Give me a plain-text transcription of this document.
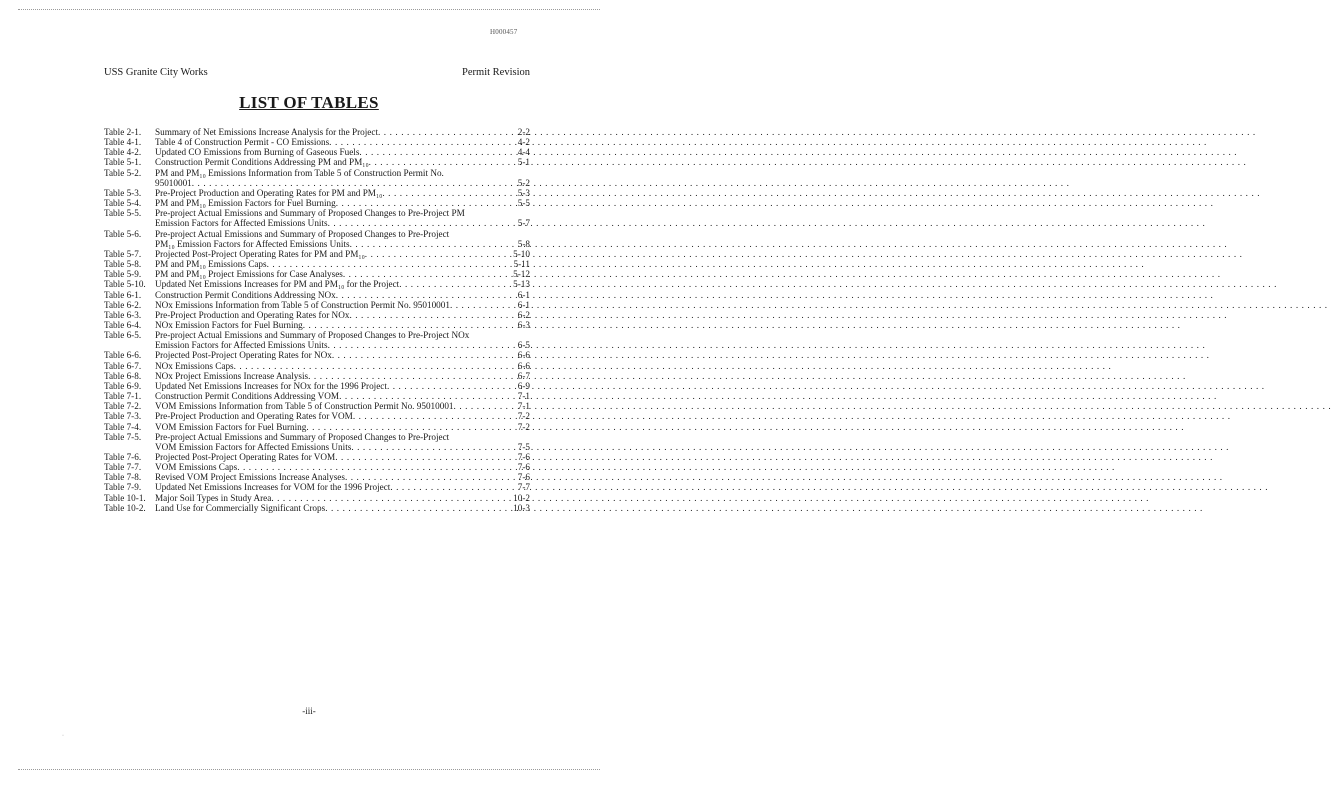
H000457
USS Granite City Works	Permit Revision
LIST OF TABLES
Table 2-1.	Summary of Net Emissions Increase Analysis for the Project . . .	2-2
Table 4-1.	Table 4 of Construction Permit - CO Emissions . . .	4-2
Table 4-2.	Updated CO Emissions from Burning of Gaseous Fuels . . .	4-4
Table 5-1.	Construction Permit Conditions Addressing PM and PM₁₀ . . .	5-1
Table 5-2.	PM and PM₁₀ Emissions Information from Table 5 of Construction Permit No.
95010001 . . .	5-2
Table 5-3.	Pre-Project Production and Operating Rates for PM and PM₁₀ . . .	5-3
Table 5-4.	PM and PM₁₀ Emission Factors for Fuel Burning . . .	5-5
Table 5-5.	Pre-project Actual Emissions and Summary of Proposed Changes to Pre-Project PM
Emission Factors for Affected Emissions Units . . .	5-7
Table 5-6.	Pre-project Actual Emissions and Summary of Proposed Changes to Pre-Project
PM₁₀ Emission Factors for Affected Emissions Units . . .	5-8
Table 5-7.	Projected Post-Project Operating Rates for PM and PM₁₀ . . .	5-10
Table 5-8.	PM and PM₁₀ Emissions Caps . . .	5-11
Table 5-9.	PM and PM₁₀ Project Emissions for Case Analyses . . .	5-12
Table 5-10.	Updated Net Emissions Increases for PM and PM₁₀ for the Project . . .	5-13
Table 6-1.	Construction Permit Conditions Addressing NOx . . .	6-1
Table 6-2.	NOx Emissions Information from Table 5 of Construction Permit No. 95010001 . . .	6-1
Table 6-3.	Pre-Project Production and Operating Rates for NOx . . .	6-2
Table 6-4.	NOx Emission Factors for Fuel Burning . . .	6-3
Table 6-5.	Pre-project Actual Emissions and Summary of Proposed Changes to Pre-Project NOx
Emission Factors for Affected Emissions Units . . .	6-5
Table 6-6.	Projected Post-Project Operating Rates for NOx . . .	6-6
Table 6-7.	NOx Emissions Caps . . .	6-6
Table 6-8.	NOx Project Emissions Increase Analysis . . .	6-7
Table 6-9.	Updated Net Emissions Increases for NOx for the 1996 Project . . .	6-9
Table 7-1.	Construction Permit Conditions Addressing VOM . . .	7-1
Table 7-2.	VOM Emissions Information from Table 5 of Construction Permit No. 95010001 . . .	7-1
Table 7-3.	Pre-Project Production and Operating Rates for VOM . . .	7-2
Table 7-4.	VOM Emission Factors for Fuel Burning . . .	7-2
Table 7-5.	Pre-project Actual Emissions and Summary of Proposed Changes to Pre-Project
VOM Emission Factors for Affected Emissions Units . . .	7-5
Table 7-6.	Projected Post-Project Operating Rates for VOM . . .	7-6
Table 7-7.	VOM Emissions Caps . . .	7-6
Table 7-8.	Revised VOM Project Emissions Increase Analyses . . .	7-6
Table 7-9.	Updated Net Emissions Increases for VOM for the 1996 Project . . .	7-7
Table 10-1.	Major Soil Types in Study Area . . .	10-2
Table 10-2.	Land Use for Commercially Significant Crops . . .	10-3
-iii-
·
